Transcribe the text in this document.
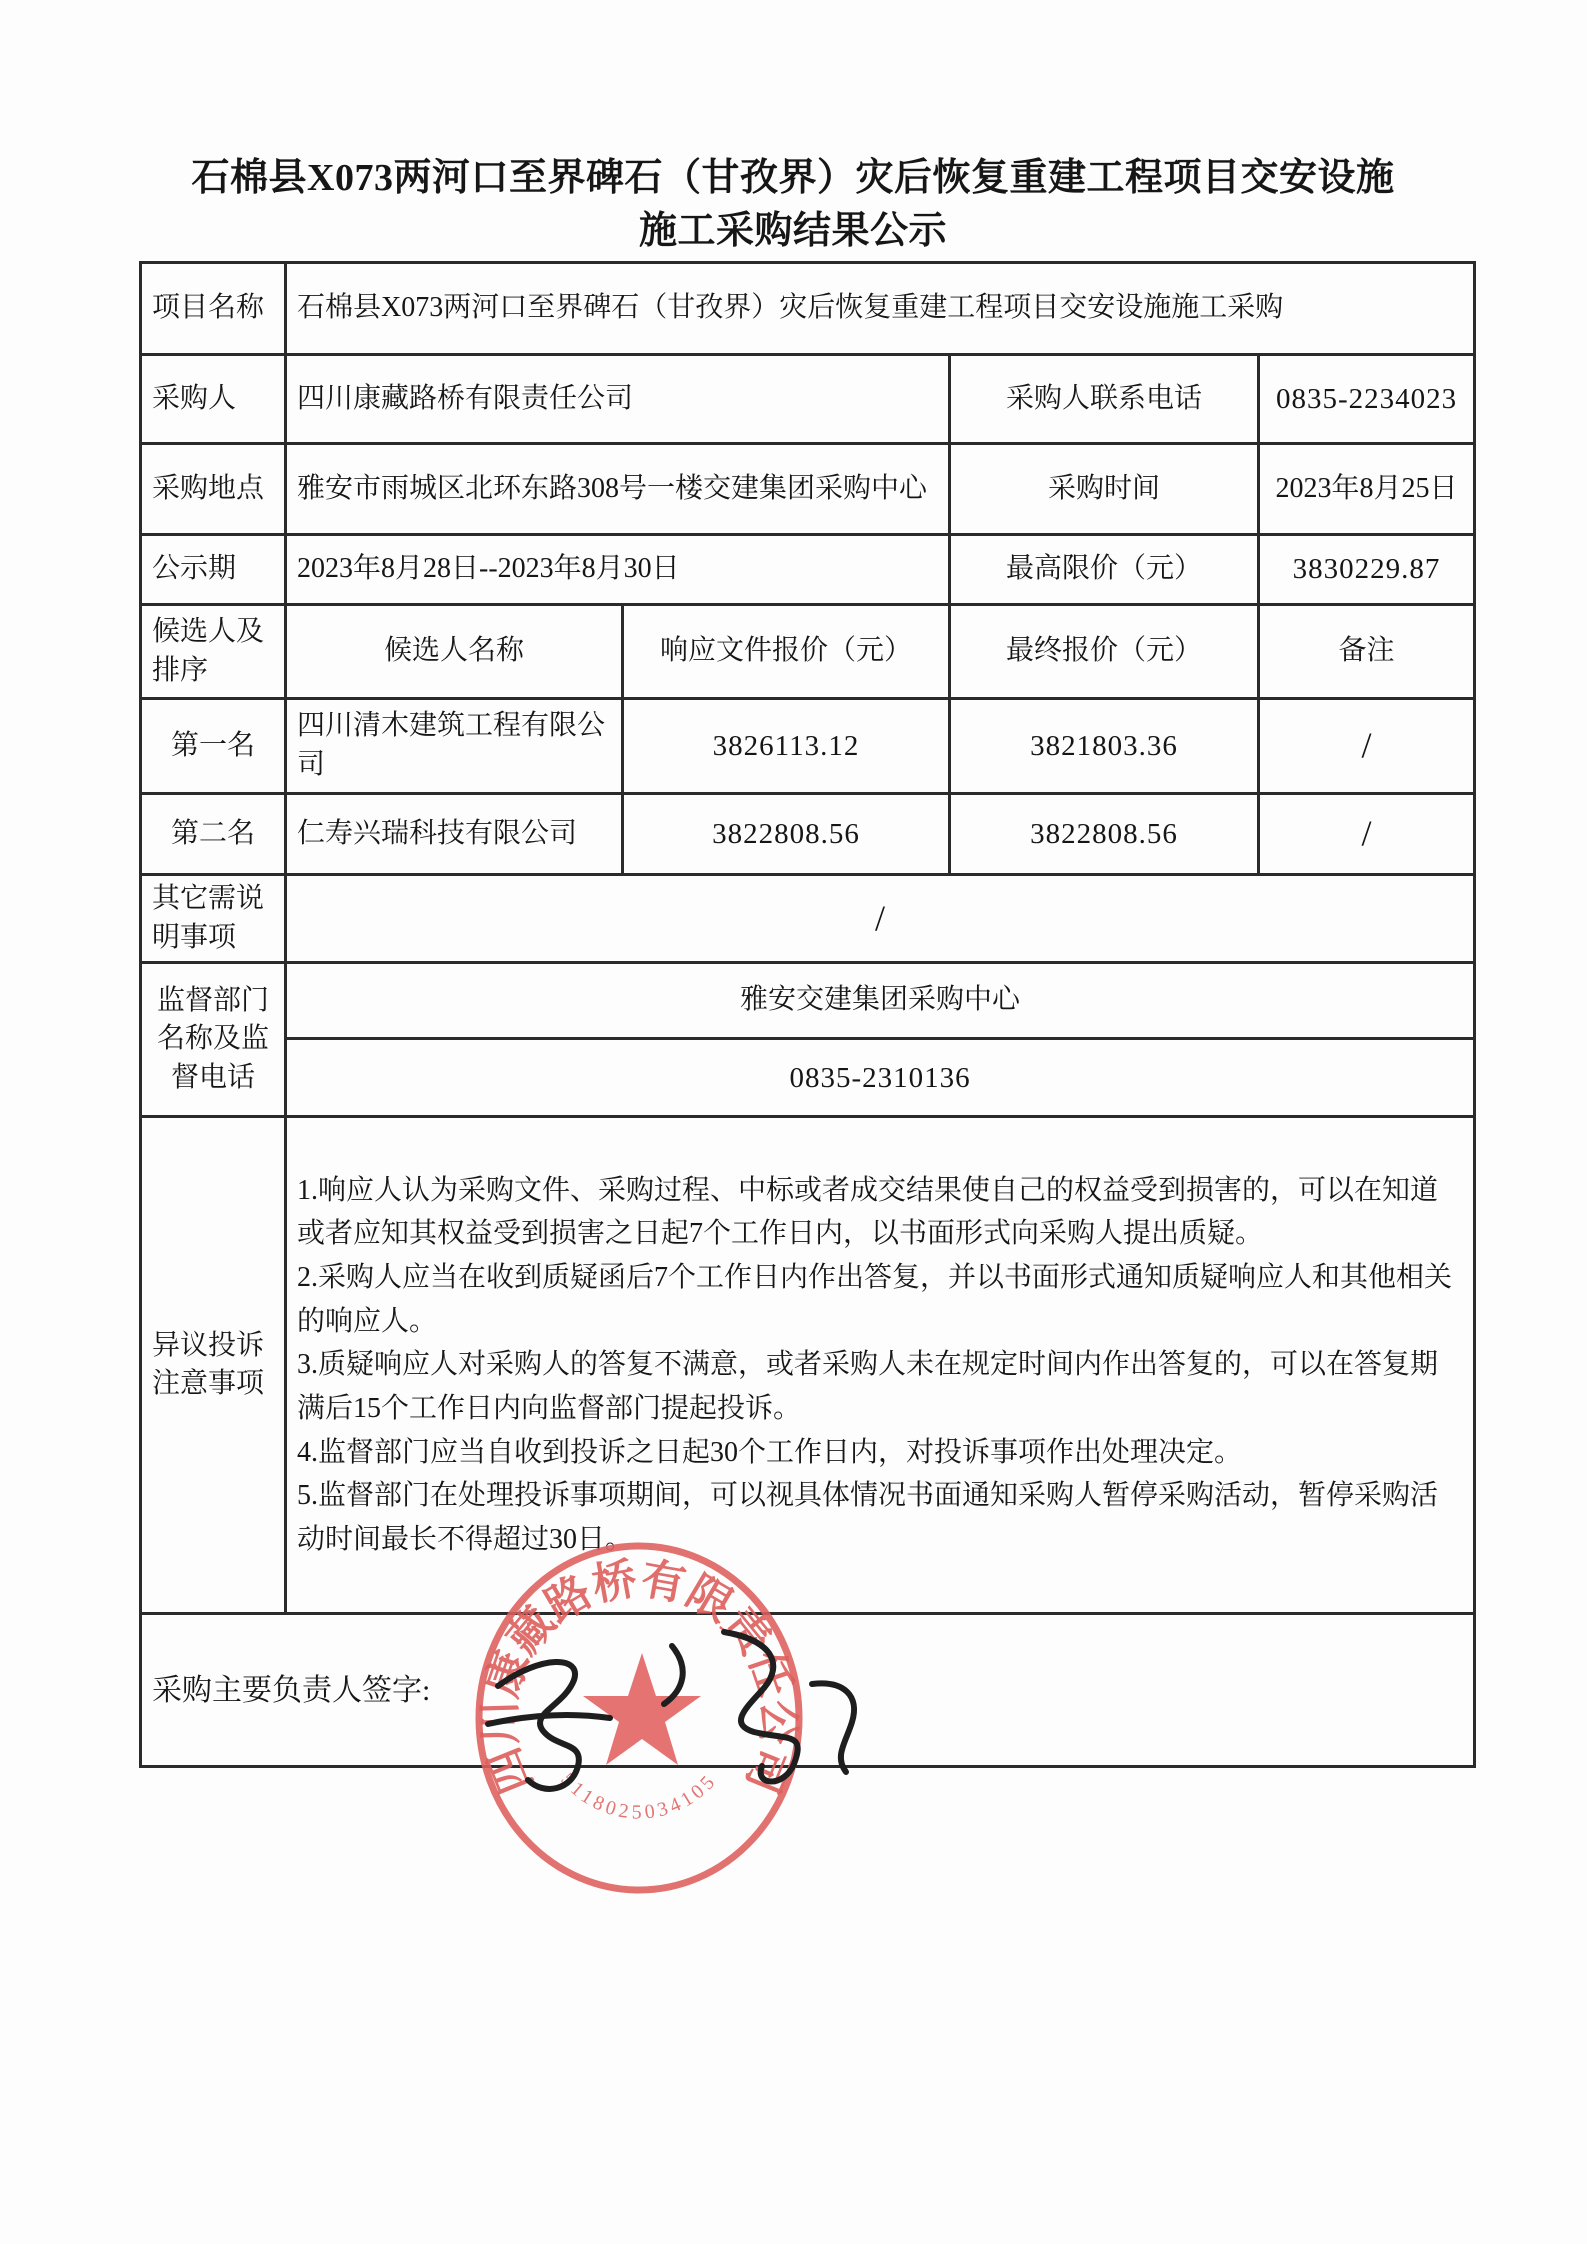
石棉县X073两河口至界碑石（甘孜界）灾后恢复重建工程项目交安设施施工采购结果公示
项目名称	石棉县X073两河口至界碑石（甘孜界）灾后恢复重建工程项目交安设施施工采购			
采购人	四川康藏路桥有限责任公司		采购人联系电话	0835-2234023
采购地点	雅安市雨城区北环东路308号一楼交建集团采购中心		采购时间	2023年8月25日
公示期	2023年8月28日--2023年8月30日		最高限价（元）	3830229.87
候选人及排序	候选人名称	响应文件报价（元）	最终报价（元）	备注
第一名	四川清木建筑工程有限公司	3826113.12	3821803.36	/
第二名	仁寿兴瑞科技有限公司	3822808.56	3822808.56	/
其它需说明事项	/			
监督部门名称及监督电话	雅安交建集团采购中心			
	0835-2310136			
异议投诉注意事项	1.响应人认为采购文件、采购过程、中标或者成交结果使自己的权益受到损害的，可以在知道或者应知其权益受到损害之日起7个工作日内，以书面形式向采购人提出质疑。

2.采购人应当在收到质疑函后7个工作日内作出答复，并以书面形式通知质疑响应人和其他相关的响应人。

3.质疑响应人对采购人的答复不满意，或者采购人未在规定时间内作出答复的，可以在答复期满后15个工作日内向监督部门提起投诉。

4.监督部门应当自收到投诉之日起30个工作日内，对投诉事项作出处理决定。

5.监督部门在处理投诉事项期间，可以视具体情况书面通知采购人暂停采购活动，暂停采购活动时间最长不得超过30日。			

采购主要负责人签字:				
四川康藏路桥有限责任公司
5118025034105
